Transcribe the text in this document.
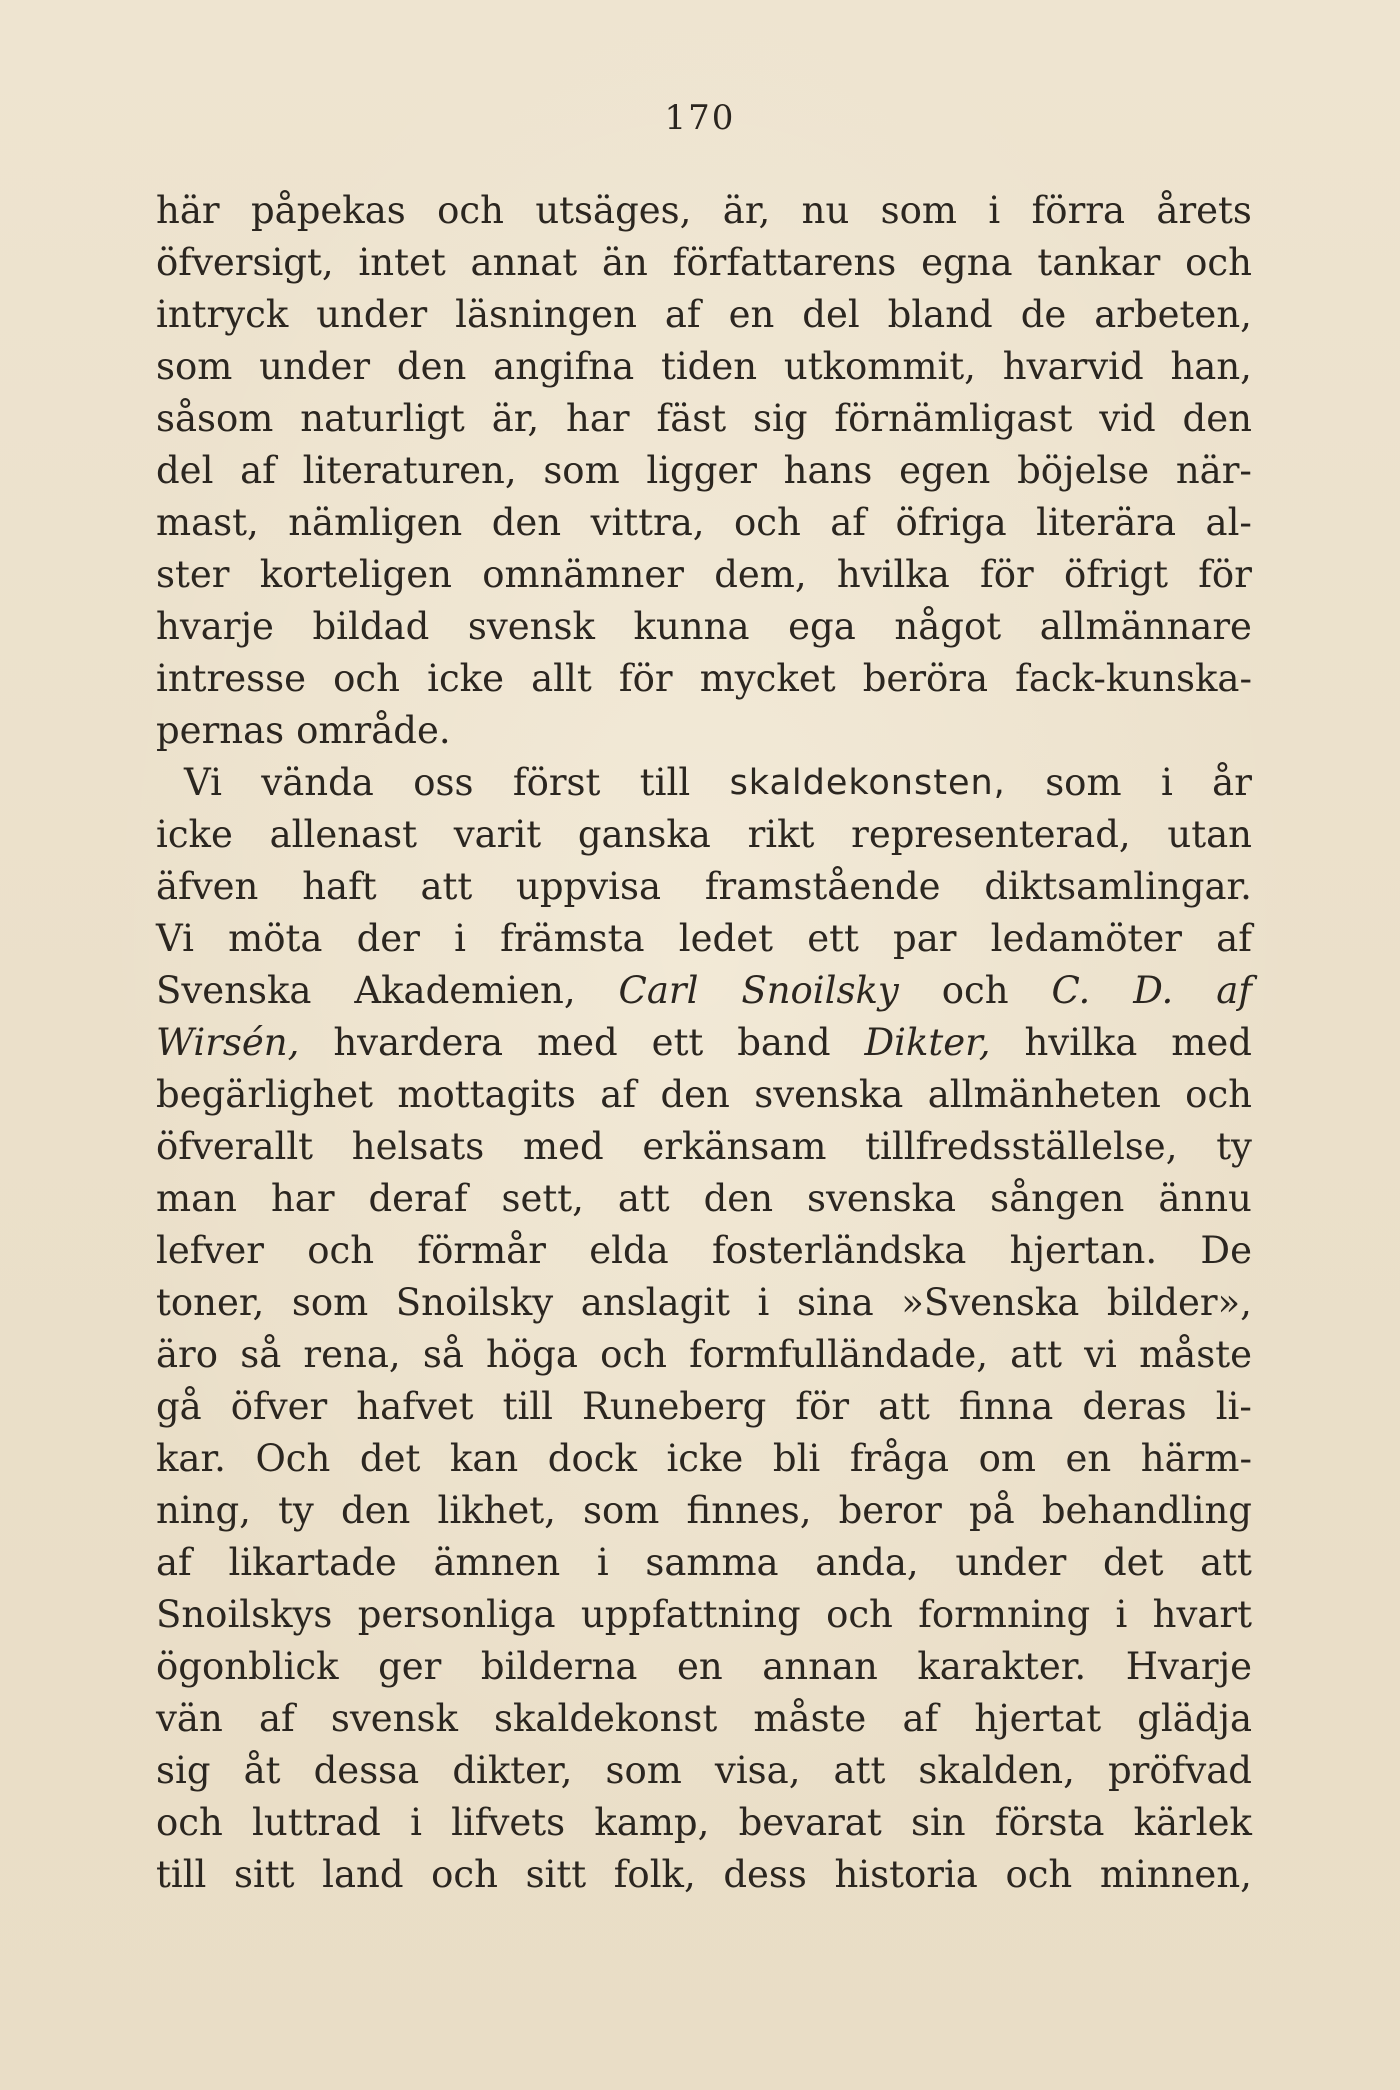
170
här påpekas och utsäges, är, nu som i förra årets
öfversigt, intet annat än författarens egna tankar och
intryck under läsningen af en del bland de arbeten,
som under den angifna tiden utkommit, hvarvid han,
såsom naturligt är, har fäst sig förnämligast vid den
del af literaturen, som ligger hans egen böjelse när-
mast, nämligen den vittra, och af öfriga literära al-
ster korteligen omnämner dem, hvilka för öfrigt för
hvarje bildad svensk kunna ega något allmännare
intresse och icke allt för mycket beröra fack-kunska-
pernas område.
Vi vända oss först till skaldekonsten, som i år
icke allenast varit ganska rikt representerad, utan
äfven haft att uppvisa framstående diktsamlingar.
Vi möta der i främsta ledet ett par ledamöter af
Svenska Akademien, Carl Snoilsky och C. D. af
Wirsén, hvardera med ett band Dikter, hvilka med
begärlighet mottagits af den svenska allmänheten och
öfverallt helsats med erkänsam tillfredsställelse, ty
man har deraf sett, att den svenska sången ännu
lefver och förmår elda fosterländska hjertan. De
toner, som Snoilsky anslagit i sina »Svenska bilder»,
äro så rena, så höga och formfulländade, att vi måste
gå öfver hafvet till Runeberg för att finna deras li-
kar. Och det kan dock icke bli fråga om en härm-
ning, ty den likhet, som finnes, beror på behandling
af likartade ämnen i samma anda, under det att
Snoilskys personliga uppfattning och formning i hvart
ögonblick ger bilderna en annan karakter. Hvarje
vän af svensk skaldekonst måste af hjertat glädja
sig åt dessa dikter, som visa, att skalden, pröfvad
och luttrad i lifvets kamp, bevarat sin första kärlek
till sitt land och sitt folk, dess historia och minnen,
